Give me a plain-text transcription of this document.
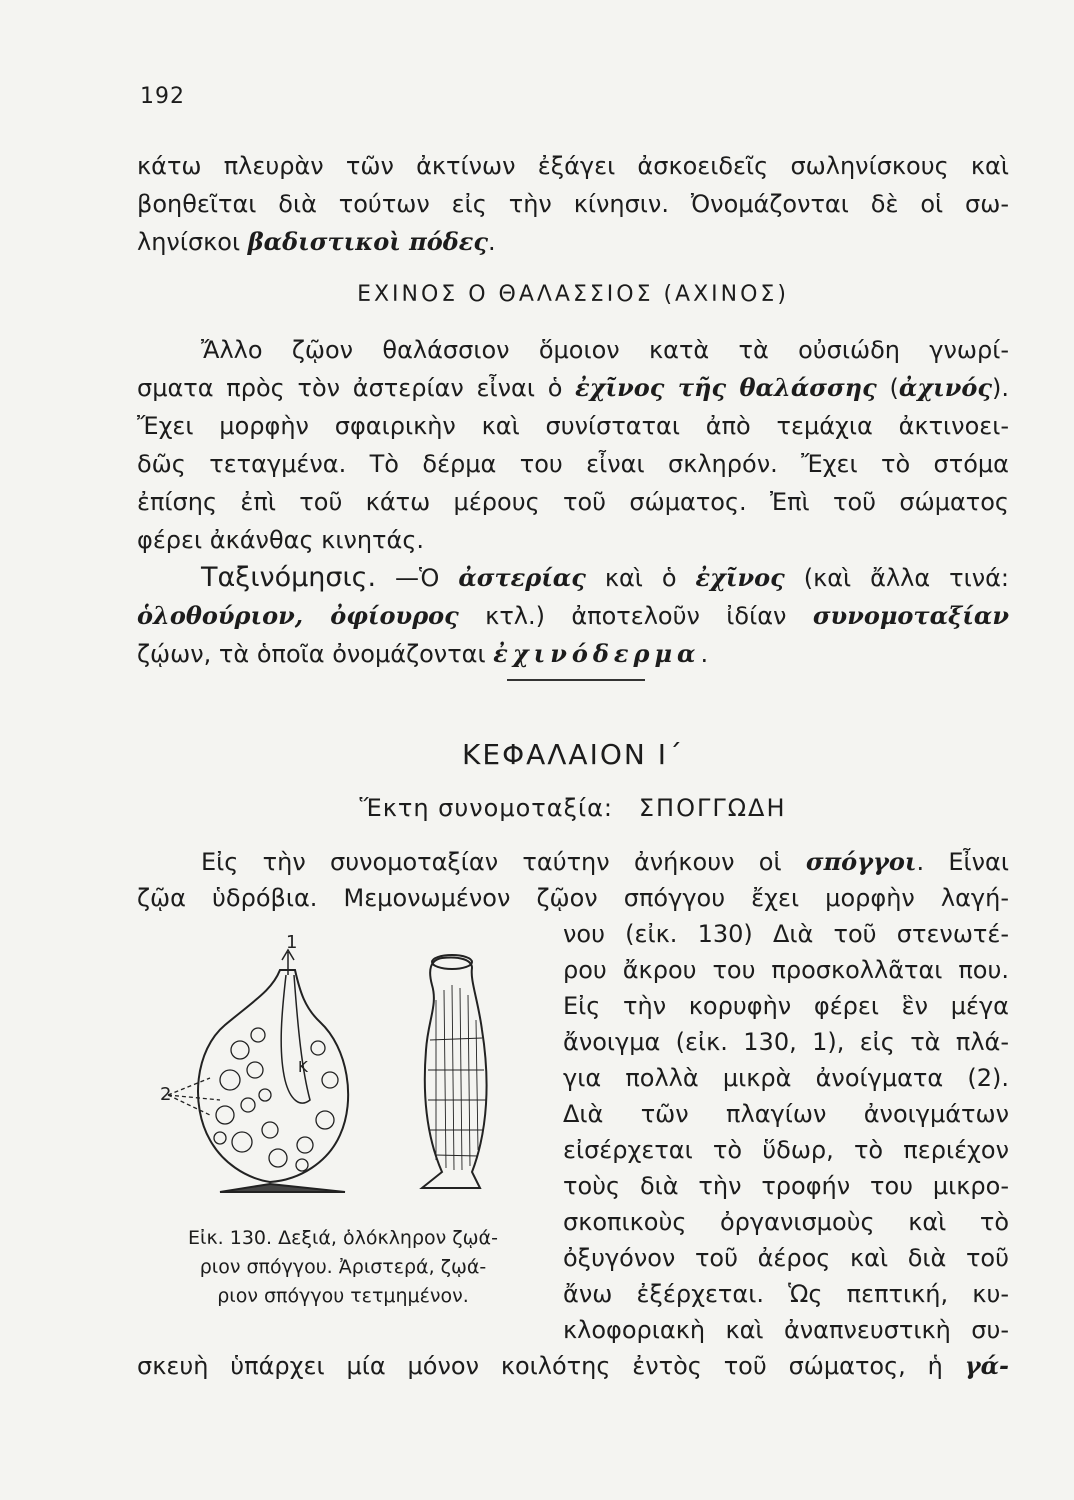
192
κάτω πλευρὰν τῶν ἀκτίνων ἐξάγει ἀσκοειδεῖς σωληνίσκους καὶ
βοηθεῖται διὰ τούτων εἰς τὴν κίνησιν. Ὀνομάζονται δὲ οἱ σω-
ληνίσκοι βαδιστικοὶ πόδες.
ΕΧΙΝΟΣ Ο ΘΑΛΑΣΣΙΟΣ (ΑΧΙΝΟΣ)
Ἄλλο ζῷον θαλάσσιον ὅμοιον κατὰ τὰ οὐσιώδη γνωρί-
σματα πρὸς τὸν ἀστερίαν εἶναι ὁ ἐχῖνος τῆς θαλάσσης (ἀχινός).
Ἔχει μορφὴν σφαιρικὴν καὶ συνίσταται ἀπὸ τεμάχια ἀκτινοει-
δῶς τεταγμένα. Τὸ δέρμα του εἶναι σκληρόν. Ἔχει τὸ στόμα
ἐπίσης ἐπὶ τοῦ κάτω μέρους τοῦ σώματος. Ἐπὶ τοῦ σώματος
φέρει ἀκάνθας κινητάς.
Ταξινόμησις. —Ὁ ἀστερίας καὶ ὁ ἐχῖνος (καὶ ἄλλα τινά:
ὁλοθούριον, ὀφίουρος κτλ.) ἀποτελοῦν ἰδίαν συνομοταξίαν
ζῴων, τὰ ὁποῖα ὀνομάζονται ἐχινόδερμα.
ΚΕΦΑΛΑΙΟΝ Ι΄
Ἕκτη συνομοταξία: ΣΠΟΓΓΩΔΗ
Εἰς τὴν συνομοταξίαν ταύτην ἀνήκουν οἱ σπόγγοι. Εἶναι
ζῷα ὑδρόβια. Μεμονωμένον ζῷον σπόγγου ἔχει μορφὴν λαγή-
νου (εἰκ. 130) Διὰ τοῦ στενωτέ-
ρου ἄκρου του προσκολλᾶται που.
Εἰς τὴν κορυφὴν φέρει ἓν μέγα
ἄνοιγμα (εἰκ. 130, 1), εἰς τὰ πλά-
για πολλὰ μικρὰ ἀνοίγματα (2).
Διὰ τῶν πλαγίων ἀνοιγμάτων
εἰσέρχεται τὸ ὕδωρ, τὸ περιέχον
τοὺς διὰ τὴν τροφήν του μικρο-
σκοπικοὺς ὀργανισμοὺς καὶ τὸ
ὀξυγόνον τοῦ ἀέρος καὶ διὰ τοῦ
ἄνω ἐξέρχεται. Ὡς πεπτική, κυ-
κλοφοριακὴ καὶ ἀναπνευστικὴ συ-
σκευὴ ὑπάρχει μία μόνον κοιλότης ἐντὸς τοῦ σώματος, ἡ γά-
1
2
K
Εἰκ. 130. Δεξιά, ὁλόκληρον ζῳά-
ριον σπόγγου. Ἀριστερά, ζῳά-
ριον σπόγγου τετμημένον.
